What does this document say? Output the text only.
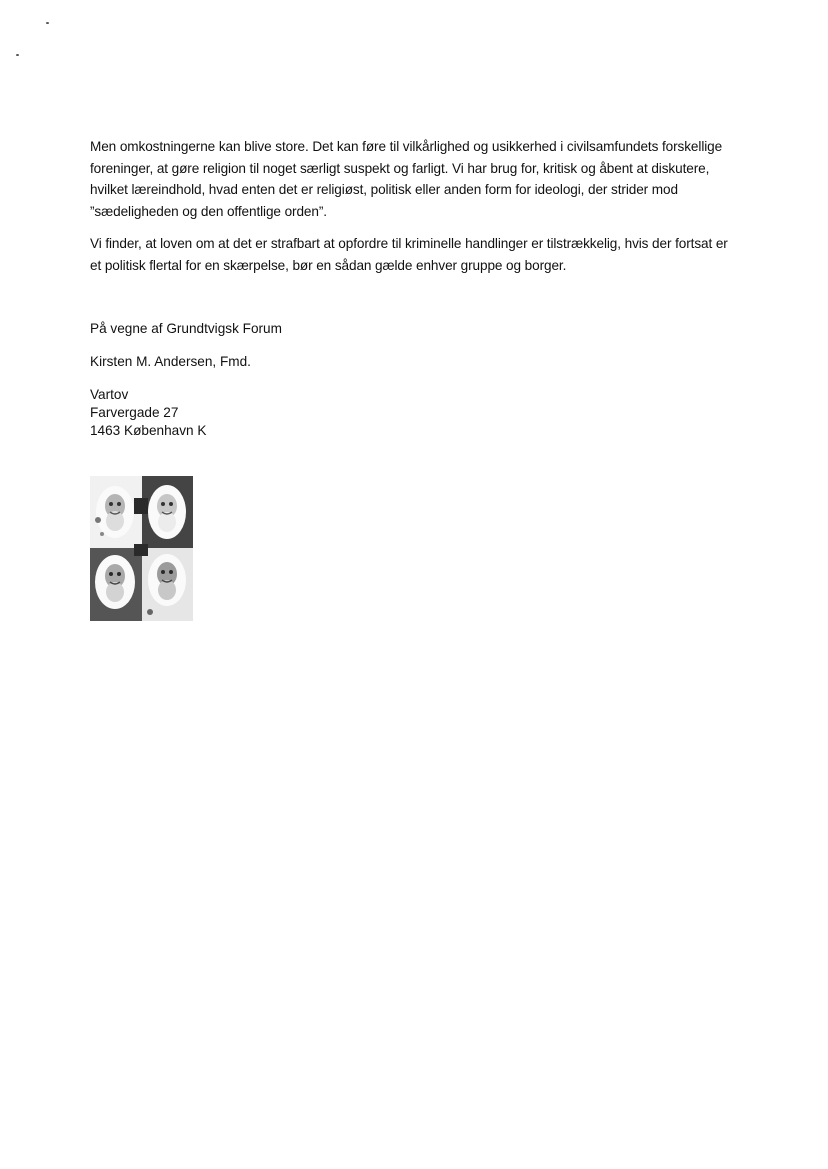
Men omkostningerne kan blive store. Det kan føre til vilkårlighed og usikkerhed i civilsamfundets forskellige foreninger, at gøre religion til noget særligt suspekt og farligt. Vi har brug for, kritisk og åbent at diskutere, hvilket læreindhold, hvad enten det er religiøst, politisk eller anden form for ideologi, der strider mod ”sædeligheden og den offentlige orden”.

Vi finder, at loven om at det er strafbart at opfordre til kriminelle handlinger er tilstrækkelig, hvis der fortsat er et politisk flertal for en skærpelse, bør en sådan gælde enhver gruppe og borger.

På vegne af Grundtvigsk Forum

Kirsten M. Andersen, Fmd.

Vartov
Farvergade 27
1463 København K
